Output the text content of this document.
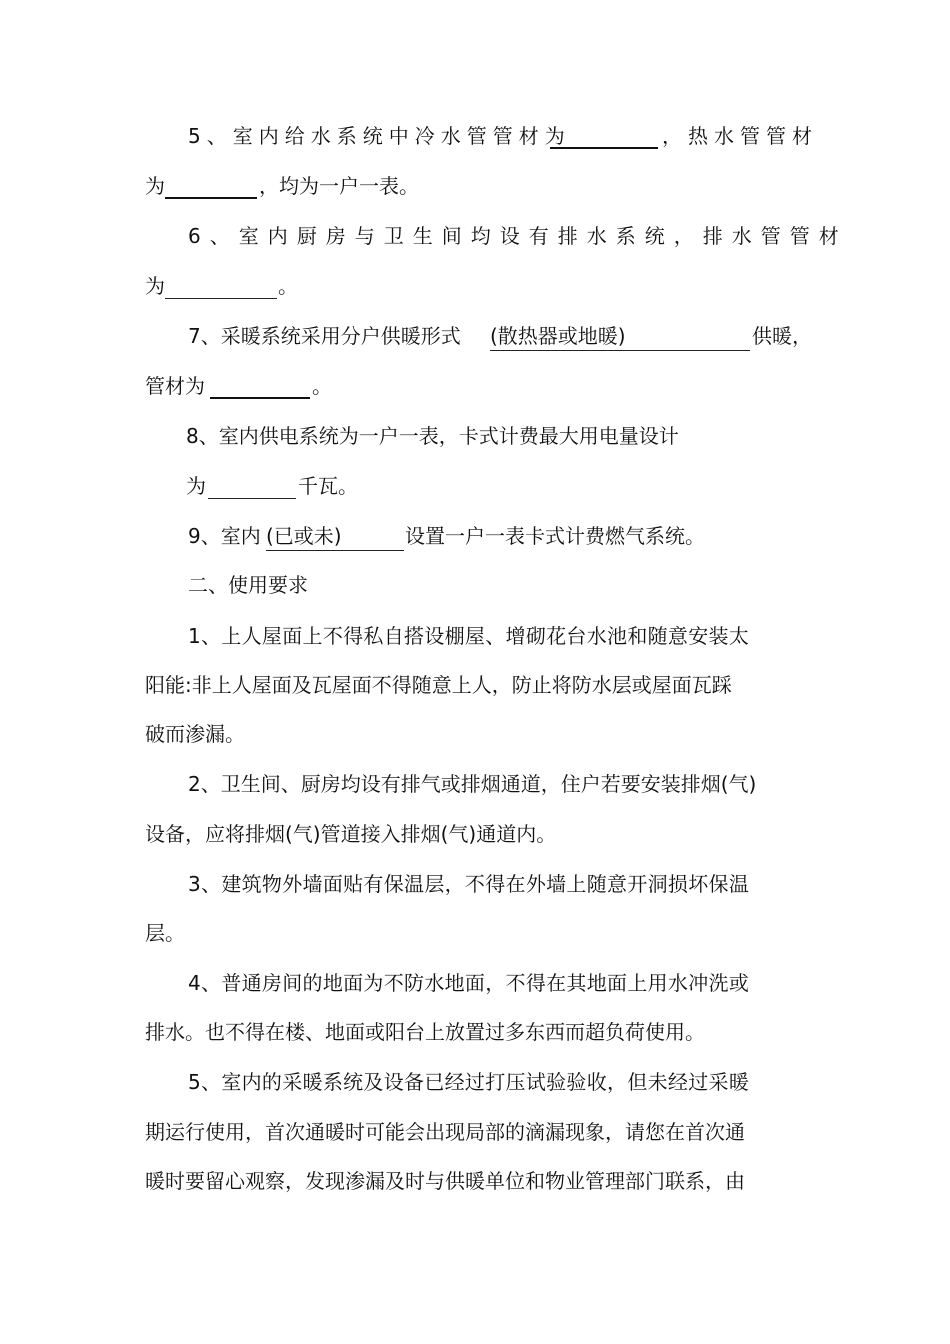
5、室内给水系统中冷水管管材为	，热水管管材
为	，均为一户一表。
6、室内厨房与卫生间均设有排水系统，排水管管材
为	。
7、采暖系统采用分户供暖形式 (散热器或地暖)	供暖，
管材为	。
8、室内供电系统为一户一表，卡式计费最大用电量设计
为	千瓦。
9、室内 (已或未)	设置一户一表卡式计费燃气系统。
二、使用要求
1、上人屋面上不得私自搭设棚屋、增砌花台水池和随意安装太
阳能:非上人屋面及瓦屋面不得随意上人，防止将防水层或屋面瓦踩
破而渗漏。
2、卫生间、厨房均设有排气或排烟通道，住户若要安装排烟(气)
设备，应将排烟(气)管道接入排烟(气)通道内。
3、建筑物外墙面贴有保温层，不得在外墙上随意开洞损坏保温
层。
4、普通房间的地面为不防水地面，不得在其地面上用水冲洗或
排水。也不得在楼、地面或阳台上放置过多东西而超负荷使用。
5、室内的采暖系统及设备已经过打压试验验收，但未经过采暖
期运行使用，首次通暖时可能会出现局部的滴漏现象，请您在首次通
暖时要留心观察，发现渗漏及时与供暖单位和物业管理部门联系，由
